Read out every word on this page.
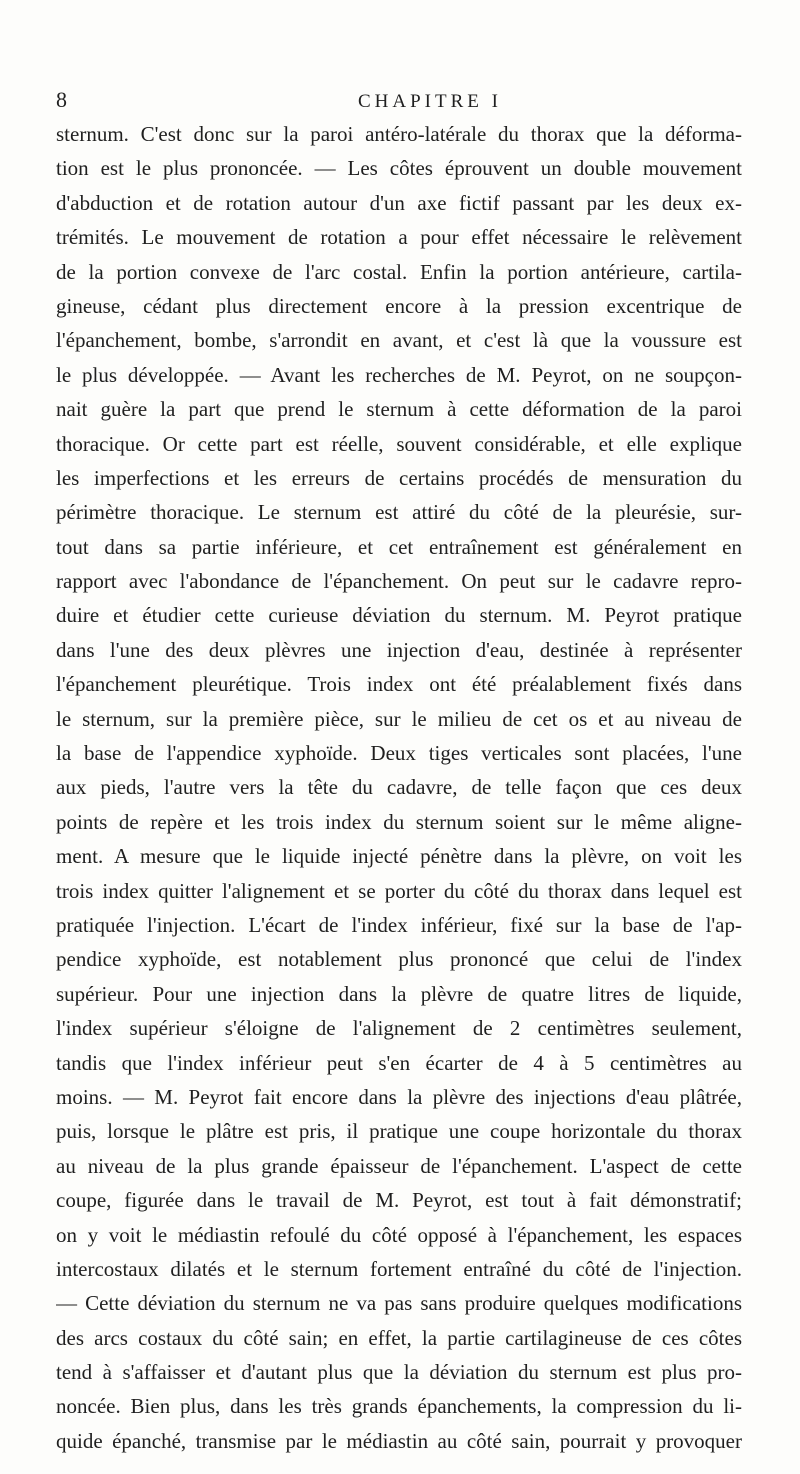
8	CHAPITRE I
sternum. C'est donc sur la paroi antéro-latérale du thorax que la déforma-
tion est le plus prononcée. — Les côtes éprouvent un double mouvement
d'abduction et de rotation autour d'un axe fictif passant par les deux ex-
trémités. Le mouvement de rotation a pour effet nécessaire le relèvement
de la portion convexe de l'arc costal. Enfin la portion antérieure, cartila-
gineuse, cédant plus directement encore à la pression excentrique de
l'épanchement, bombe, s'arrondit en avant, et c'est là que la voussure est
le plus développée. — Avant les recherches de M. Peyrot, on ne soupçon-
nait guère la part que prend le sternum à cette déformation de la paroi
thoracique. Or cette part est réelle, souvent considérable, et elle explique
les imperfections et les erreurs de certains procédés de mensuration du
périmètre thoracique. Le sternum est attiré du côté de la pleurésie, sur-
tout dans sa partie inférieure, et cet entraînement est généralement en
rapport avec l'abondance de l'épanchement. On peut sur le cadavre repro-
duire et étudier cette curieuse déviation du sternum. M. Peyrot pratique
dans l'une des deux plèvres une injection d'eau, destinée à représenter
l'épanchement pleurétique. Trois index ont été préalablement fixés dans
le sternum, sur la première pièce, sur le milieu de cet os et au niveau de
la base de l'appendice xyphoïde. Deux tiges verticales sont placées, l'une
aux pieds, l'autre vers la tête du cadavre, de telle façon que ces deux
points de repère et les trois index du sternum soient sur le même aligne-
ment. A mesure que le liquide injecté pénètre dans la plèvre, on voit les
trois index quitter l'alignement et se porter du côté du thorax dans lequel est
pratiquée l'injection. L'écart de l'index inférieur, fixé sur la base de l'ap-
pendice xyphoïde, est notablement plus prononcé que celui de l'index
supérieur. Pour une injection dans la plèvre de quatre litres de liquide,
l'index supérieur s'éloigne de l'alignement de 2 centimètres seulement,
tandis que l'index inférieur peut s'en écarter de 4 à 5 centimètres au
moins. — M. Peyrot fait encore dans la plèvre des injections d'eau plâtrée,
puis, lorsque le plâtre est pris, il pratique une coupe horizontale du thorax
au niveau de la plus grande épaisseur de l'épanchement. L'aspect de cette
coupe, figurée dans le travail de M. Peyrot, est tout à fait démonstratif;
on y voit le médiastin refoulé du côté opposé à l'épanchement, les espaces
intercostaux dilatés et le sternum fortement entraîné du côté de l'injection.
— Cette déviation du sternum ne va pas sans produire quelques modifications
des arcs costaux du côté sain; en effet, la partie cartilagineuse de ces côtes
tend à s'affaisser et d'autant plus que la déviation du sternum est plus pro-
noncée. Bien plus, dans les très grands épanchements, la compression du li-
quide épanché, transmise par le médiastin au côté sain, pourrait y provoquer
